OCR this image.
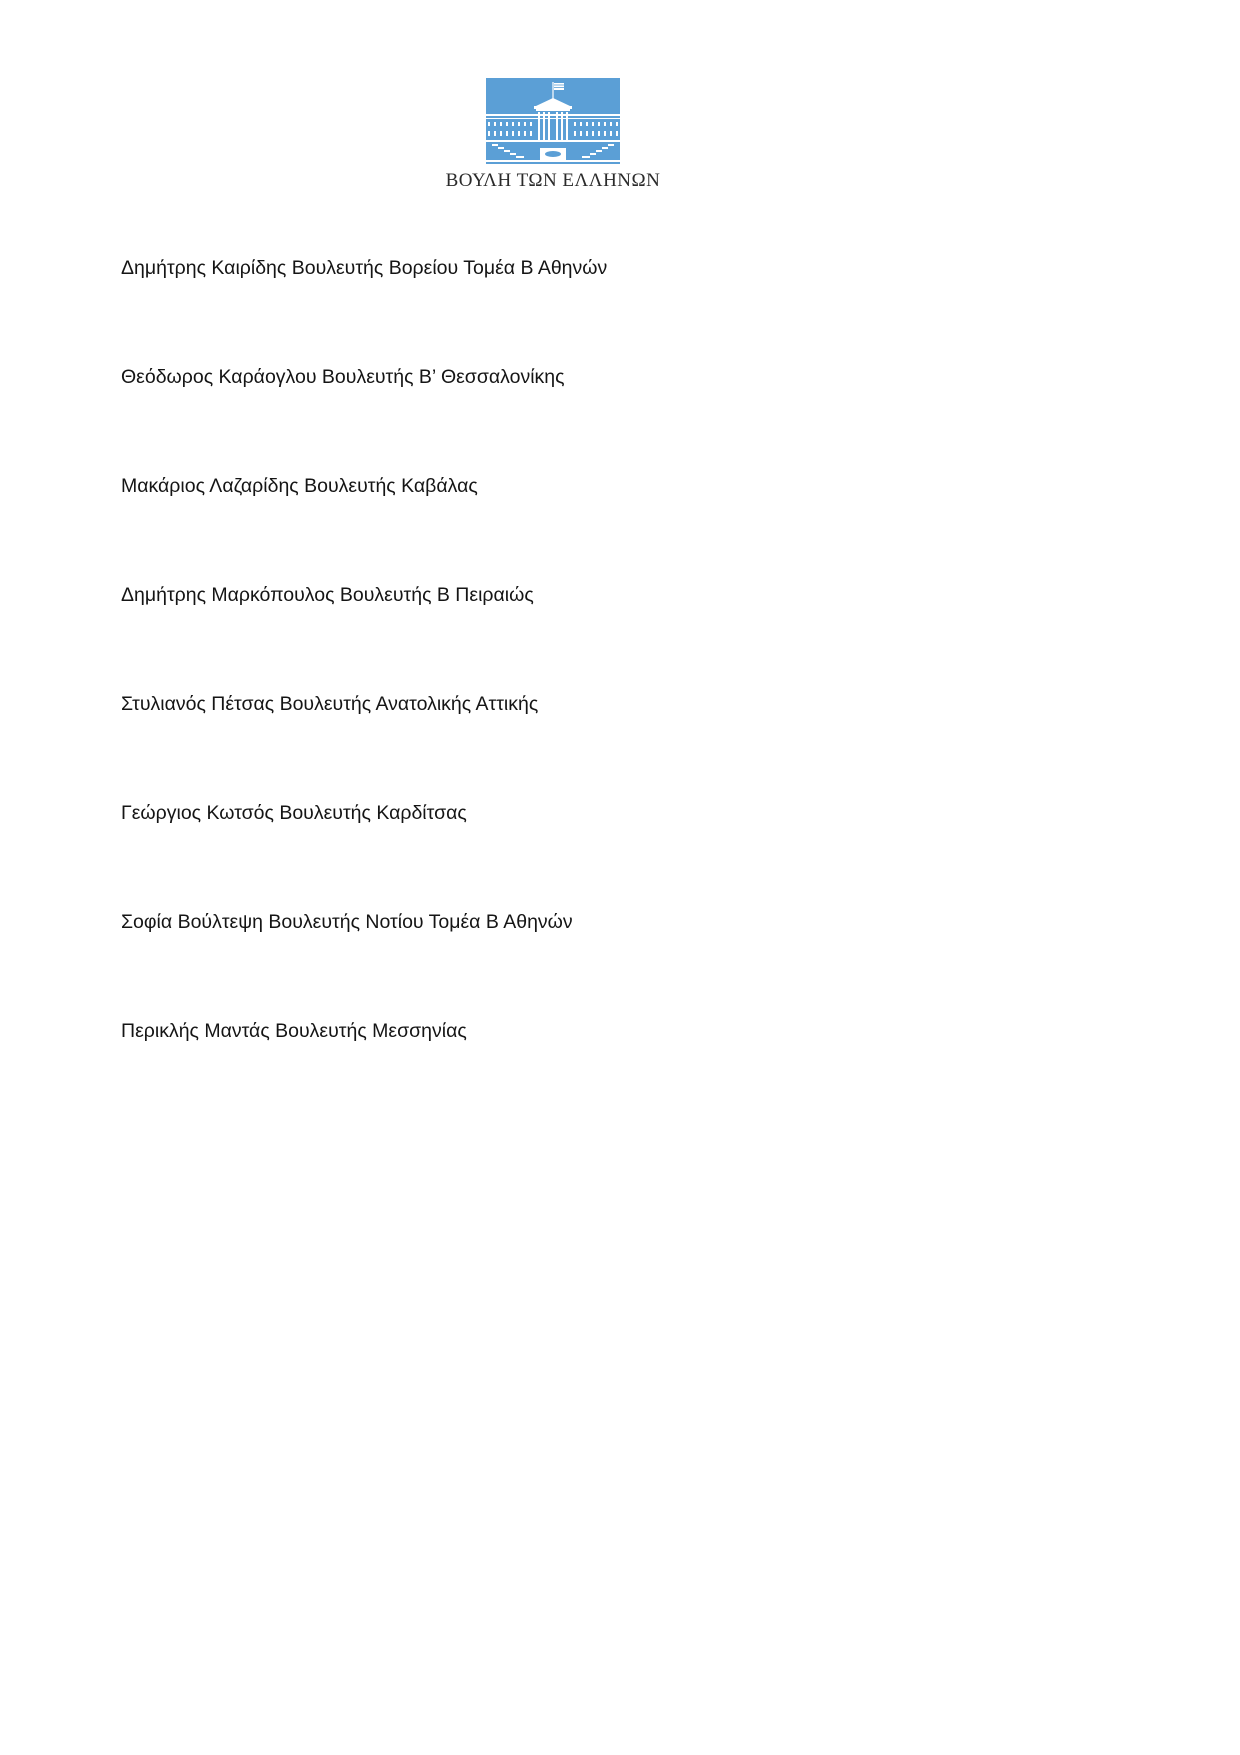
ΒΟΥΛΗ ΤΩΝ ΕΛΛΗΝΩΝ
Δημήτρης Καιρίδης Βουλευτής Βορείου Τομέα Β Αθηνών
Θεόδωρος Καράογλου Βουλευτής Β’ Θεσσαλονίκης
Μακάριος Λαζαρίδης Βουλευτής Καβάλας
Δημήτρης Μαρκόπουλος Βουλευτής Β Πειραιώς
Στυλιανός Πέτσας Βουλευτής Ανατολικής Αττικής
Γεώργιος Κωτσός Βουλευτής Καρδίτσας
Σοφία Βούλτεψη Βουλευτής Νοτίου Τομέα Β Αθηνών
Περικλής Μαντάς Βουλευτής Μεσσηνίας
